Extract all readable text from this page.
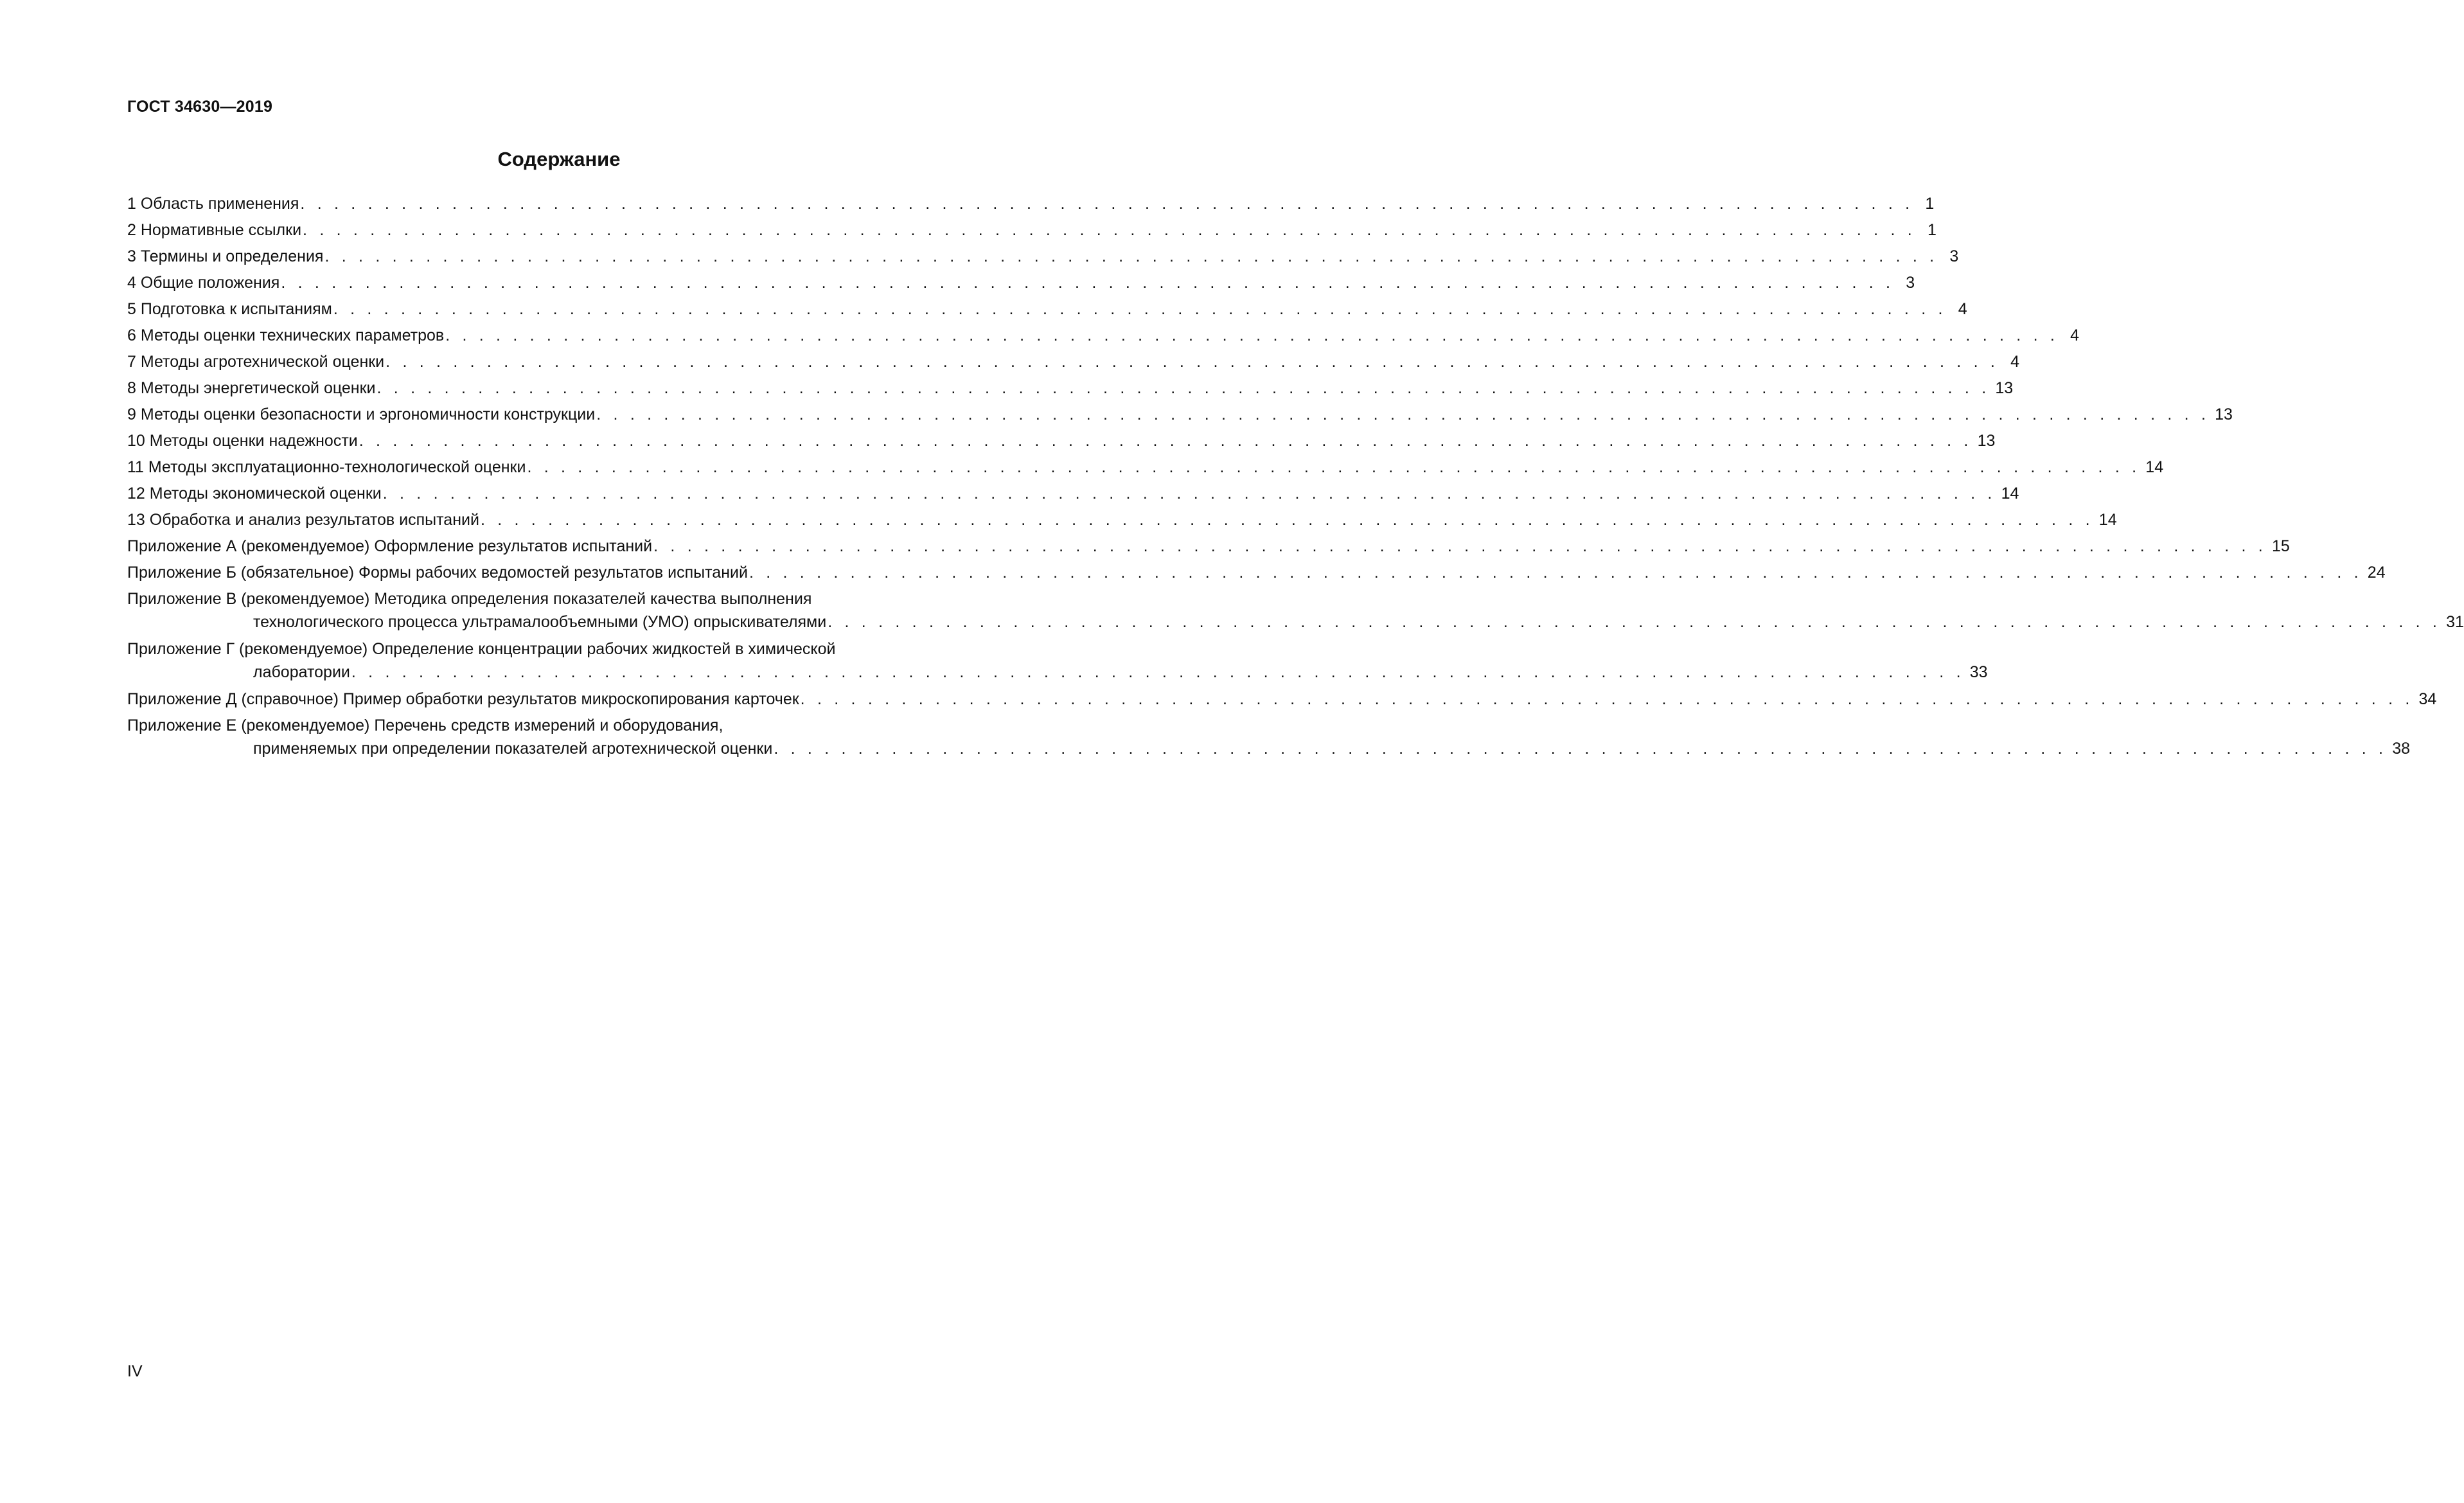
ГОСТ 34630—2019
Содержание
1 Область применения . . . . . . . . . . . . . . . . . . . . . . . . . . . . . . . . . . . . . . . . . . . . . . . . . . . . . . . . . . . . . . . . . . . . . . . . . . . . . . . . . . . . . . . . . . . . . . . . 1
2 Нормативные ссылки . . . . . . . . . . . . . . . . . . . . . . . . . . . . . . . . . . . . . . . . . . . . . . . . . . . . . . . . . . . . . . . . . . . . . . . . . . . . . . . . . . . . . . . . . . . . . . . . 1
3 Термины и определения . . . . . . . . . . . . . . . . . . . . . . . . . . . . . . . . . . . . . . . . . . . . . . . . . . . . . . . . . . . . . . . . . . . . . . . . . . . . . . . . . . . . . . . . . . . . . . . . 3
4 Общие положения . . . . . . . . . . . . . . . . . . . . . . . . . . . . . . . . . . . . . . . . . . . . . . . . . . . . . . . . . . . . . . . . . . . . . . . . . . . . . . . . . . . . . . . . . . . . . . . . 3
5 Подготовка к испытаниям . . . . . . . . . . . . . . . . . . . . . . . . . . . . . . . . . . . . . . . . . . . . . . . . . . . . . . . . . . . . . . . . . . . . . . . . . . . . . . . . . . . . . . . . . . . . . . . . 4
6 Методы оценки технических параметров . . . . . . . . . . . . . . . . . . . . . . . . . . . . . . . . . . . . . . . . . . . . . . . . . . . . . . . . . . . . . . . . . . . . . . . . . . . . . . . . . . . . . . . . . . . . . . . . 4
7 Методы агротехнической оценки . . . . . . . . . . . . . . . . . . . . . . . . . . . . . . . . . . . . . . . . . . . . . . . . . . . . . . . . . . . . . . . . . . . . . . . . . . . . . . . . . . . . . . . . . . . . . . . . 4
8 Методы энергетической оценки . . . . . . . . . . . . . . . . . . . . . . . . . . . . . . . . . . . . . . . . . . . . . . . . . . . . . . . . . . . . . . . . . . . . . . . . . . . . . . . . . . . . . . . . . . . . . . . . 13
9 Методы оценки безопасности и эргономичности конструкции . . . . . . . . . . . . . . . . . . . . . . . . . . . . . . . . . . . . . . . . . . . . . . . . . . . . . . . . . . . . . . . . . . . . . . . . . . . . . . . . . . . . . . . . . . . . . . . . 13
10 Методы оценки надежности . . . . . . . . . . . . . . . . . . . . . . . . . . . . . . . . . . . . . . . . . . . . . . . . . . . . . . . . . . . . . . . . . . . . . . . . . . . . . . . . . . . . . . . . . . . . . . . . 13
11 Методы эксплуатационно-технологической оценки . . . . . . . . . . . . . . . . . . . . . . . . . . . . . . . . . . . . . . . . . . . . . . . . . . . . . . . . . . . . . . . . . . . . . . . . . . . . . . . . . . . . . . . . . . . . . . . . 14
12 Методы экономической оценки . . . . . . . . . . . . . . . . . . . . . . . . . . . . . . . . . . . . . . . . . . . . . . . . . . . . . . . . . . . . . . . . . . . . . . . . . . . . . . . . . . . . . . . . . . . . . . . . 14
13 Обработка и анализ результатов испытаний . . . . . . . . . . . . . . . . . . . . . . . . . . . . . . . . . . . . . . . . . . . . . . . . . . . . . . . . . . . . . . . . . . . . . . . . . . . . . . . . . . . . . . . . . . . . . . . . 14
Приложение А (рекомендуемое) Оформление результатов испытаний . . . . . . . . . . . . . . . . . . . . . . . . . . . . . . . . . . . . . . . . . . . . . . . . . . . . . . . . . . . . . . . . . . . . . . . . . . . . . . . . . . . . . . . . . . . . . . . . 15
Приложение Б (обязательное) Формы рабочих ведомостей результатов испытаний . . . . . . . . . . . . . . . . . . . . . . . . . . . . . . . . . . . . . . . . . . . . . . . . . . . . . . . . . . . . . . . . . . . . . . . . . . . . . . . . . . . . . . . . . . . . . . . . 24
Приложение В (рекомендуемое) Методика определения показателей качества выполнения
технологического процесса ультрамалообъемными (УМО) опрыскивателями . . . . . . . . . . . . . . . . . . . . . . . . . . . . . . . . . . . . . . . . . . . . . . . . . . . . . . . . . . . . . . . . . . . . . . . . . . . . . . . . . . . . . . . . . . . . . . . . 31
Приложение Г (рекомендуемое) Определение концентрации рабочих жидкостей в химической
лаборатории . . . . . . . . . . . . . . . . . . . . . . . . . . . . . . . . . . . . . . . . . . . . . . . . . . . . . . . . . . . . . . . . . . . . . . . . . . . . . . . . . . . . . . . . . . . . . . . . 33
Приложение Д (справочное) Пример обработки результатов микроскопирования карточек . . . . . . . . . . . . . . . . . . . . . . . . . . . . . . . . . . . . . . . . . . . . . . . . . . . . . . . . . . . . . . . . . . . . . . . . . . . . . . . . . . . . . . . . . . . . . . . . 34
Приложение Е (рекомендуемое) Перечень средств измерений и оборудования,
применяемых при определении показателей агротехнической оценки . . . . . . . . . . . . . . . . . . . . . . . . . . . . . . . . . . . . . . . . . . . . . . . . . . . . . . . . . . . . . . . . . . . . . . . . . . . . . . . . . . . . . . . . . . . . . . . . 38
IV
